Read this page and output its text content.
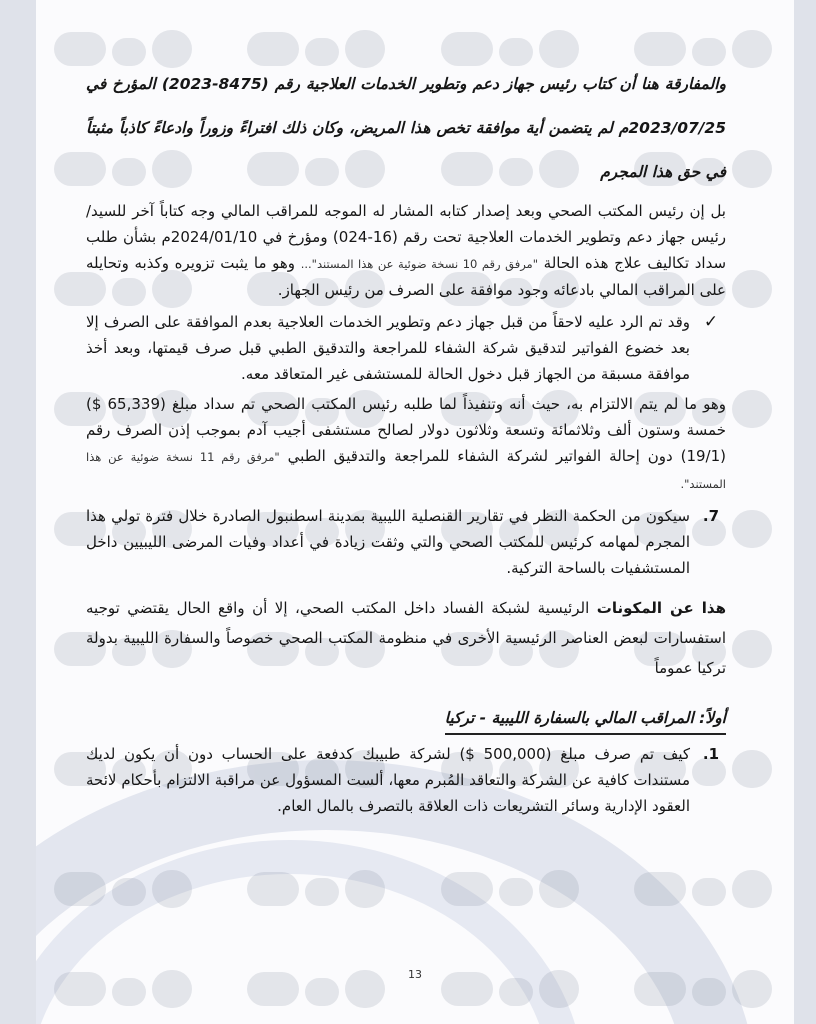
والمفارقة هنا أن كتاب رئيس جهاز دعم وتطوير الخدمات العلاجية رقم (8475-2023) المؤرخ في 2023/07/25م لم يتضمن أية موافقة تخص هذا المريض، وكان ذلك افتراءً وزوراً وادعاءً كاذباً مثبتاً في حق هذا المجرم

بل إن رئيس المكتب الصحي وبعد إصدار كتابه المشار له الموجه للمراقب المالي وجه كتاباً آخر للسيد/ رئيس جهاز دعم وتطوير الخدمات العلاجية تحت رقم (16-024) ومؤرخ في 2024/01/10م بشأن طلب سداد تكاليف علاج هذه الحالة "مرفق رقم 10 نسخة ضوئية عن هذا المستند"... وهو ما يثبت تزويره وكذبه وتحايله على المراقب المالي بادعائه وجود موافقة على الصرف من رئيس الجهاز.

✓

وقد تم الرد عليه لاحقاً من قبل جهاز دعم وتطوير الخدمات العلاجية بعدم الموافقة على الصرف إلا بعد خضوع الفواتير لتدقيق شركة الشفاء للمراجعة والتدقيق الطبي قبل صرف قيمتها، وبعد أخذ موافقة مسبقة من الجهاز قبل دخول الحالة للمستشفى غير المتعاقد معه.

وهو ما لم يتم الالتزام به، حيث أنه وتنفيذاً لما طلبه رئيس المكتب الصحي تم سداد مبلغ (65,339 $) خمسة وستون ألف وثلاثمائة وتسعة وثلاثون دولار لصالح مستشفى أجيب آدم بموجب إذن الصرف رقم (19/1) دون إحالة الفواتير لشركة الشفاء للمراجعة والتدقيق الطبي "مرفق رقم 11 نسخة ضوئية عن هذا المستند".

7.

سيكون من الحكمة النظر في تقارير القنصلية الليبية بمدينة اسطنبول الصادرة خلال فترة تولي هذا المجرم لمهامه كرئيس للمكتب الصحي والتي وثقت زيادة في أعداد وفيات المرضى الليبيين داخل المستشفيات بالساحة التركية.

هذا عن المكونات الرئيسية لشبكة الفساد داخل المكتب الصحي، إلا أن واقع الحال يقتضي توجيه استفسارات لبعض العناصر الرئيسية الأخرى في منظومة المكتب الصحي خصوصاً والسفارة الليبية بدولة تركيا عموماً

أولاً: المراقب المالي بالسفارة الليبية - تركيا
1.

كيف تم صرف مبلغ (500,000 $) لشركة طبيبك كدفعة على الحساب دون أن يكون لديك مستندات كافية عن الشركة والتعاقد المُبرم معها، ألست المسؤول عن مراقبة الالتزام بأحكام لائحة العقود الإدارية وسائر التشريعات ذات العلاقة بالتصرف بالمال العام.

13
